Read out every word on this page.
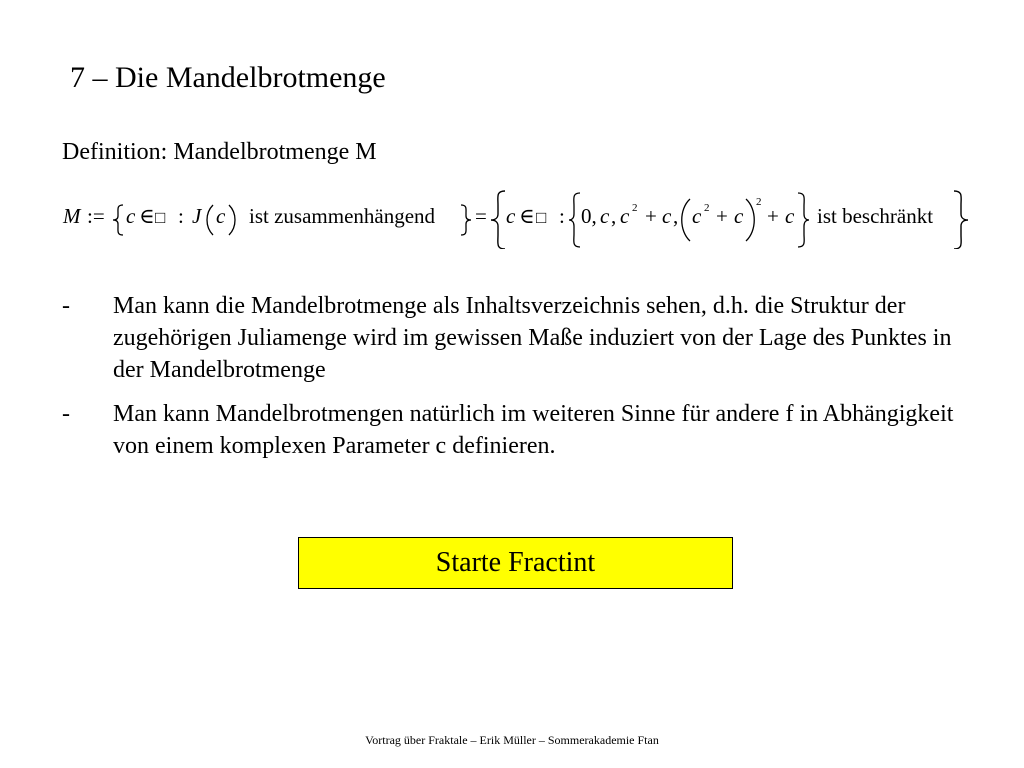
7 – Die Mandelbrotmenge
Definition: Mandelbrotmenge M
M := c ∈ □ : J c ist zusammenhängend = c ∈ □ : 0, c , c 2 + c , c 2 + c
2
+ c ist beschränkt
- Man kann die Mandelbrotmenge als Inhaltsverzeichnis sehen, d.h. die Struktur der zugehörigen Juliamenge wird im gewissen Maße induziert von der Lage des Punktes in der Mandelbrotmenge
- Man kann Mandelbrotmengen natürlich im weiteren Sinne für andere f in Abhängigkeit von einem komplexen Parameter c definieren.
Starte Fractint
Vortrag über Fraktale – Erik Müller – Sommerakademie Ftan
